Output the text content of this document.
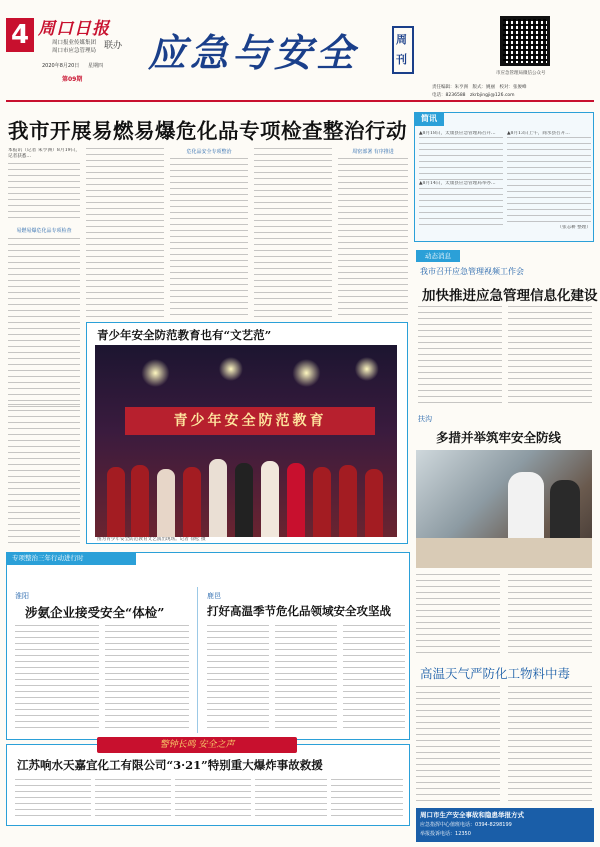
4 周口日报
周口报业传媒集团
周口市应急管理局 联办
2020年8月20日 星期四
第09期
应急与安全	周刊
市应急管理局微信公众号
责任编辑：朱亨洲　版式：姚丽　校对：张俊峰
电话：8236588　zkrbjingji@126.com
我市开展易燃易爆危化品专项检查整治行动
本报讯（记者 朱亨洲）8月19日，记者获悉…
易燃易爆危化品专项检查
危化品安全专项整治	周密部署 有序推进
简讯
▲8月18日，太康县应急管理局召开…
▲8月14日，太康县应急管理局举办…
▲8月13日上午，商水县召开…
（张志耕 整理）
动态消息
我市召开应急管理视频工作会
加快推进应急管理信息化建设
青少年安全防范教育也有“文艺范”
青少年安全防范教育
图为青少年安全防范教育文艺演出现场。记者 徐松 摄
扶沟
多措并举筑牢安全防线
专项整治三年行动进行时
淮阳
涉氨企业接受安全“体检”
鹿邑
打好高温季节危化品领域安全攻坚战
高温天气严防化工物料中毒
警钟长鸣 安全之声
江苏响水天嘉宜化工有限公司“3·21”特别重大爆炸事故救援
周口市生产安全事故和隐患举报方式
应急指挥中心值班电话：0394-8298199
举报投诉电话：12350
